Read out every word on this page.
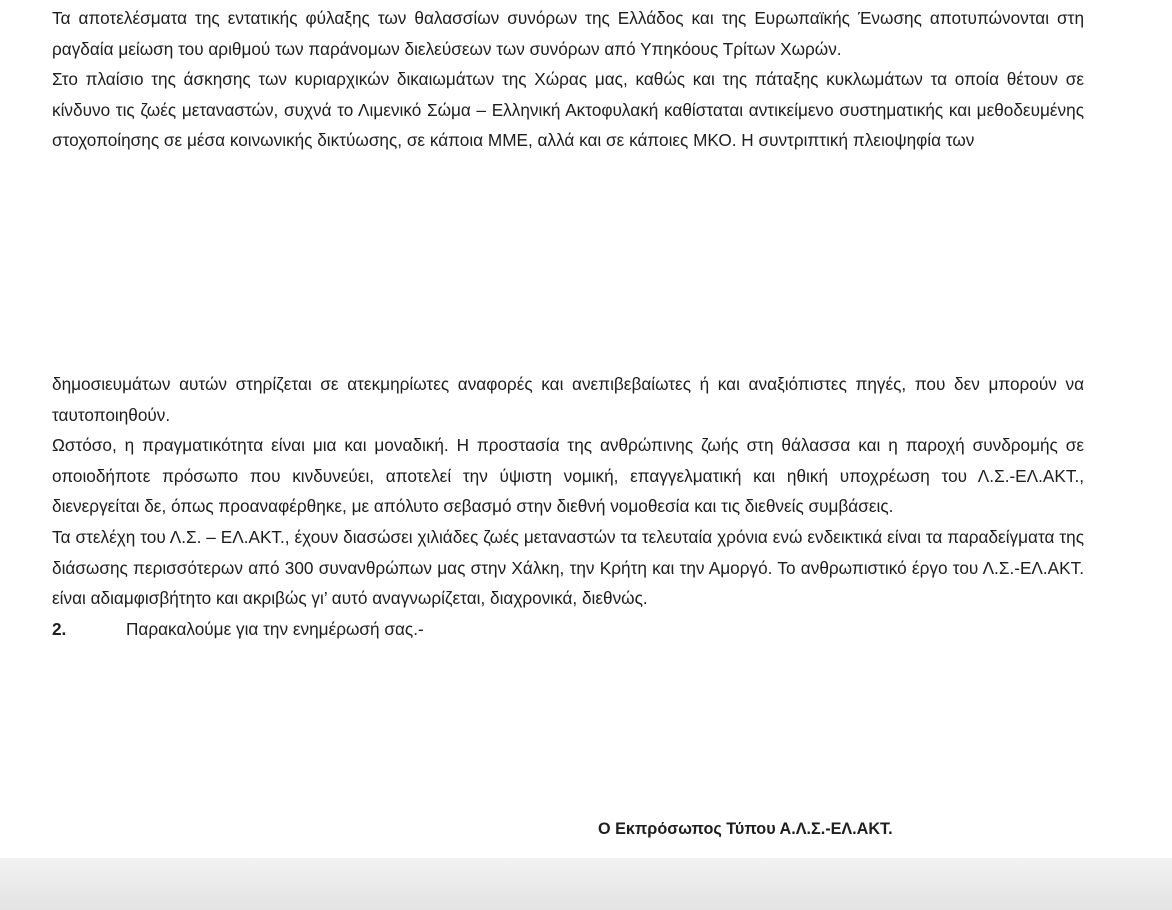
Τα αποτελέσματα της εντατικής φύλαξης των θαλασσίων συνόρων της Ελλάδος και της Ευρωπαϊκής Ένωσης αποτυπώνονται στη ραγδαία μείωση του αριθμού των παράνομων διελεύσεων των συνόρων από Υπηκόους Τρίτων Χωρών.

Στο πλαίσιο της άσκησης των κυριαρχικών δικαιωμάτων της Χώρας μας, καθώς και της πάταξης κυκλωμάτων τα οποία θέτουν σε κίνδυνο τις ζωές μεταναστών, συχνά το Λιμενικό Σώμα – Ελληνική Ακτοφυλακή καθίσταται αντικείμενο συστηματικής και μεθοδευμένης στοχοποίησης σε μέσα κοινωνικής δικτύωσης, σε κάποια ΜΜΕ, αλλά και σε κάποιες ΜΚΟ. Η συντριπτική πλειοψηφία των

δημοσιευμάτων αυτών στηρίζεται σε ατεκμηρίωτες αναφορές και ανεπιβεβαίωτες ή και αναξιόπιστες πηγές, που δεν μπορούν να ταυτοποιηθούν.

Ωστόσο, η πραγματικότητα είναι μια και μοναδική. Η προστασία της ανθρώπινης ζωής στη θάλασσα και η παροχή συνδρομής σε οποιοδήποτε πρόσωπο που κινδυνεύει, αποτελεί την ύψιστη νομική, επαγγελματική και ηθική υποχρέωση του Λ.Σ.-ΕΛ.ΑΚΤ., διενεργείται δε, όπως προαναφέρθηκε, με απόλυτο σεβασμό στην διεθνή νομοθεσία και τις διεθνείς συμβάσεις.

Τα στελέχη του Λ.Σ. – ΕΛ.ΑΚΤ., έχουν διασώσει χιλιάδες ζωές μεταναστών τα τελευταία χρόνια ενώ ενδεικτικά είναι τα παραδείγματα της διάσωσης περισσότερων από 300 συνανθρώπων μας στην Χάλκη, την Κρήτη και την Αμοργό. Το ανθρωπιστικό έργο του Λ.Σ.-ΕΛ.ΑΚΤ. είναι αδιαμφισβήτητο και ακριβώς γι’ αυτό αναγνωρίζεται, διαχρονικά, διεθνώς.

2.	Παρακαλούμε για την ενημέρωσή σας.-

Ο Εκπρόσωπος Τύπου Α.Λ.Σ.-ΕΛ.ΑΚΤ.
